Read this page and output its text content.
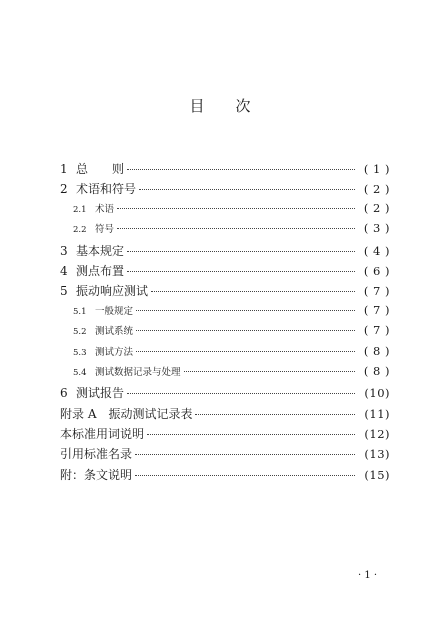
目 次
1 总　　则	( 1 )
2 术语和符号	( 2 )
2.1 术语	( 2 )
2.2 符号	( 3 )
3 基本规定	( 4 )
4 测点布置	( 6 )
5 振动响应测试	( 7 )
5.1 一般规定	( 7 )
5.2 测试系统	( 7 )
5.3 测试方法	( 8 )
5.4 测试数据记录与处理	( 8 )
6 测试报告	(10)
附录 A　振动测试记录表	(11)
本标准用词说明	(12)
引用标准名录	(13)
附：条文说明	(15)
· 1 ·
